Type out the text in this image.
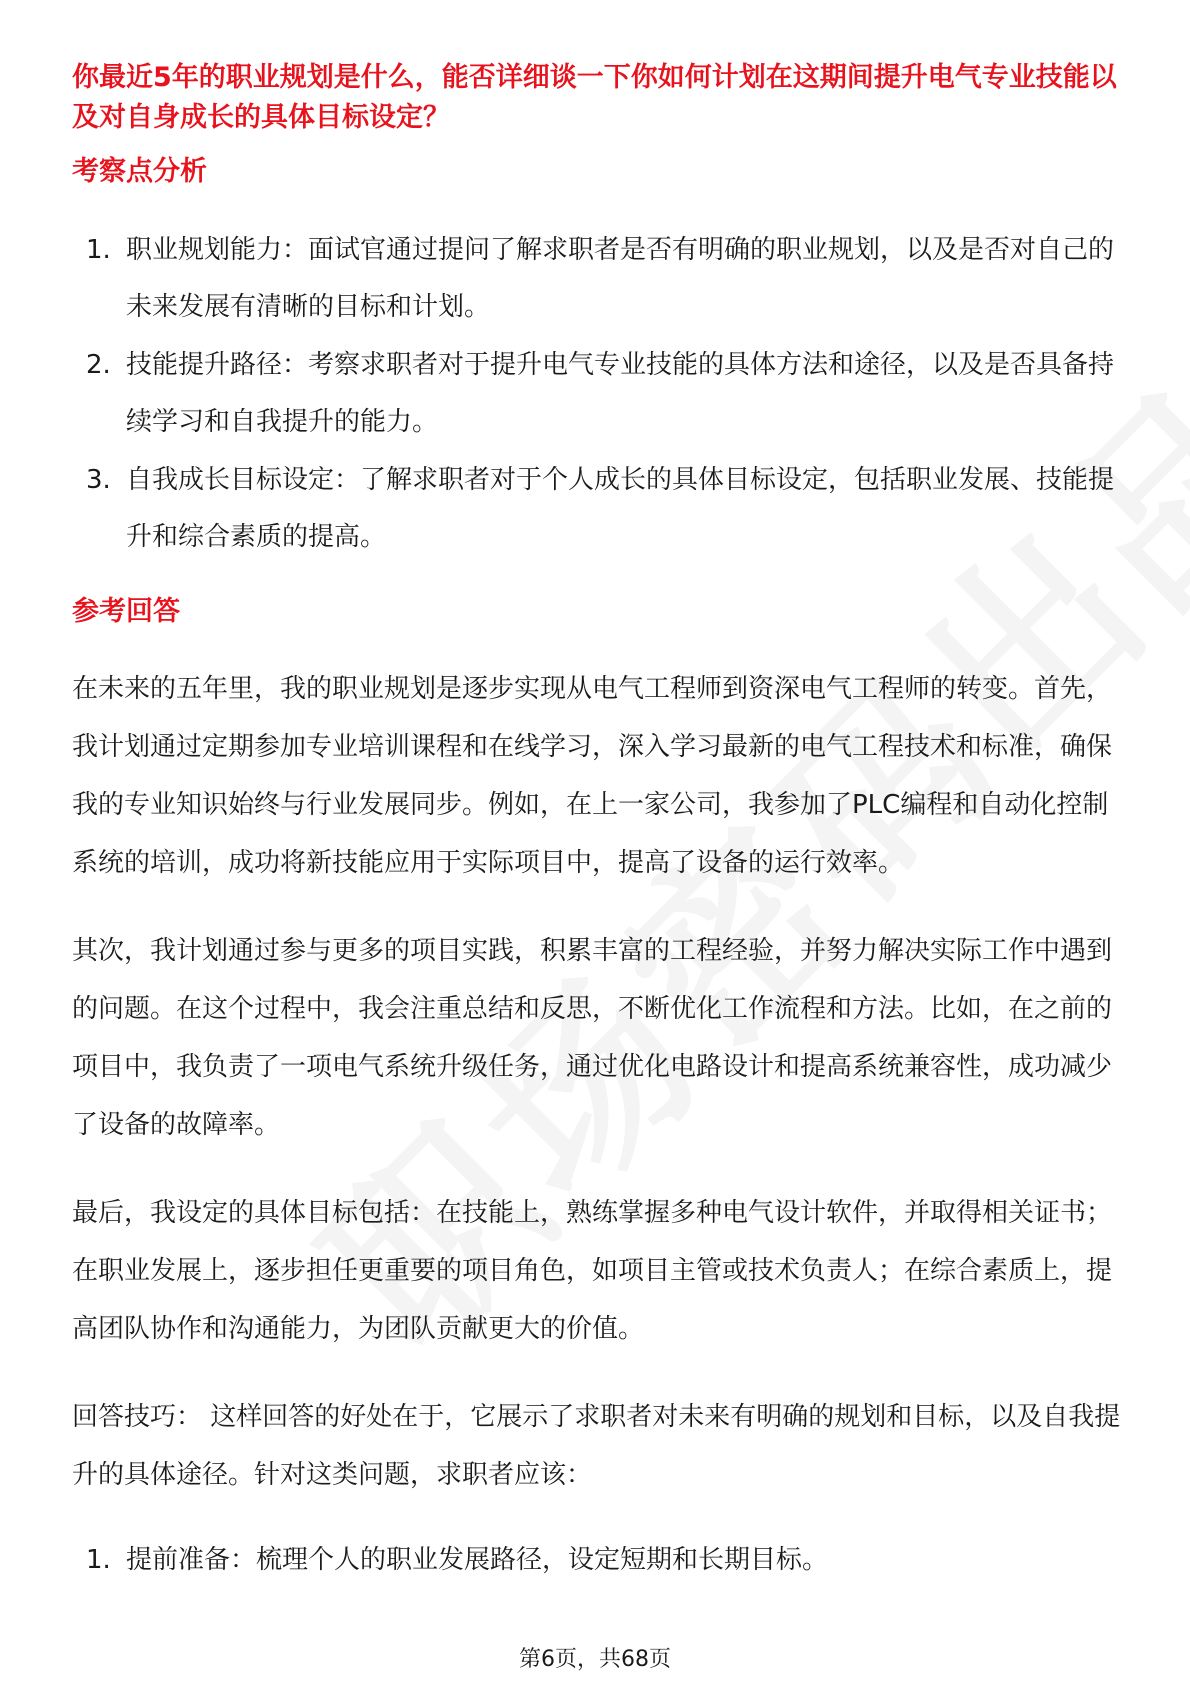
你最近5年的职业规划是什么，能否详细谈一下你如何计划在这期间提升电气专业技能以及对自身成长的具体目标设定？

考察点分析
1. 职业规划能力：面试官通过提问了解求职者是否有明确的职业规划，以及是否对自己的未来发展有清晰的目标和计划。
2. 技能提升路径：考察求职者对于提升电气专业技能的具体方法和途径，以及是否具备持续学习和自我提升的能力。
3. 自我成长目标设定：了解求职者对于个人成长的具体目标设定，包括职业发展、技能提升和综合素质的提高。
参考回答

在未来的五年里，我的职业规划是逐步实现从电气工程师到资深电气工程师的转变。首先，我计划通过定期参加专业培训课程和在线学习，深入学习最新的电气工程技术和标准，确保我的专业知识始终与行业发展同步。例如，在上一家公司，我参加了PLC编程和自动化控制系统的培训，成功将新技能应用于实际项目中，提高了设备的运行效率。

其次，我计划通过参与更多的项目实践，积累丰富的工程经验，并努力解决实际工作中遇到的问题。在这个过程中，我会注重总结和反思，不断优化工作流程和方法。比如，在之前的项目中，我负责了一项电气系统升级任务，通过优化电路设计和提高系统兼容性，成功减少了设备的故障率。

最后，我设定的具体目标包括：在技能上，熟练掌握多种电气设计软件，并取得相关证书；在职业发展上，逐步担任更重要的项目角色，如项目主管或技术负责人；在综合素质上，提高团队协作和沟通能力，为团队贡献更大的价值。

回答技巧： 这样回答的好处在于，它展示了求职者对未来有明确的规划和目标，以及自我提升的具体途径。针对这类问题，求职者应该：

1. 提前准备：梳理个人的职业发展路径，设定短期和长期目标。
第6页，共68页
